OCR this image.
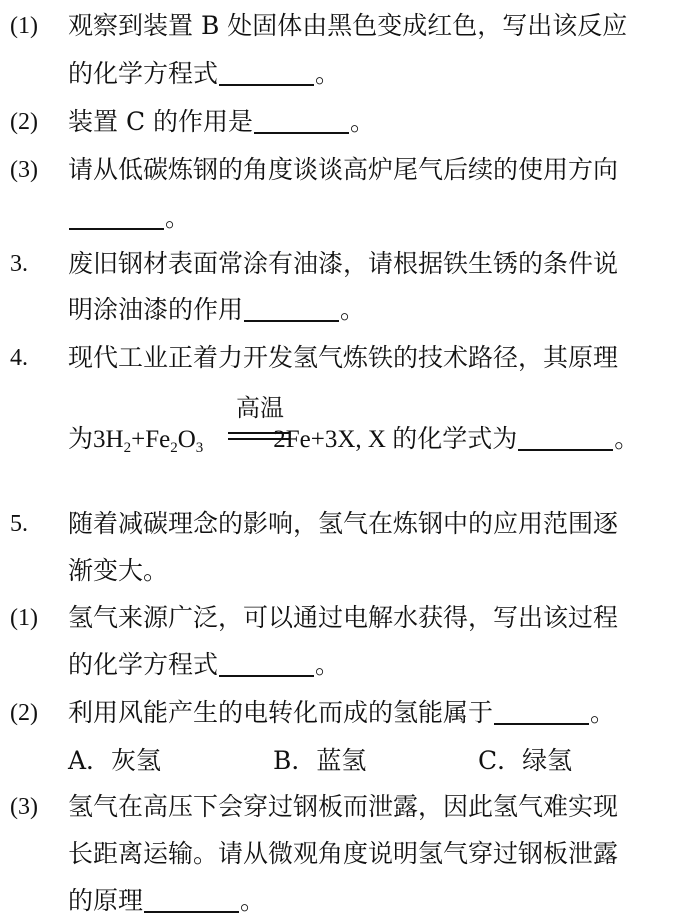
(1) 观察到装置 B 处固体由黑色变成红色，写出该反应
的化学方程式	。
(2) 装置 C 的作用是	。
(3) 请从低碳炼钢的角度谈谈高炉尾气后续的使用方向
。
3. 废旧钢材表面常涂有油漆，请根据铁生锈的条件说
明涂油漆的作用	。
4. 现代工业正着力开发氢气炼铁的技术路径，其原理
高温
为$3H_2+Fe_2O_3$	2Fe+3X, X 的化学式为	。
5. 随着减碳理念的影响，氢气在炼钢中的应用范围逐
渐变大。
(1) 氢气来源广泛，可以通过电解水获得，写出该过程
的化学方程式	。
(2) 利用风能产生的电转化而成的氢能属于	。
A．灰氢	B．蓝氢	C．绿氢
(3) 氢气在高压下会穿过钢板而泄露，因此氢气难实现
长距离运输。请从微观角度说明氢气穿过钢板泄露
的原理	。
